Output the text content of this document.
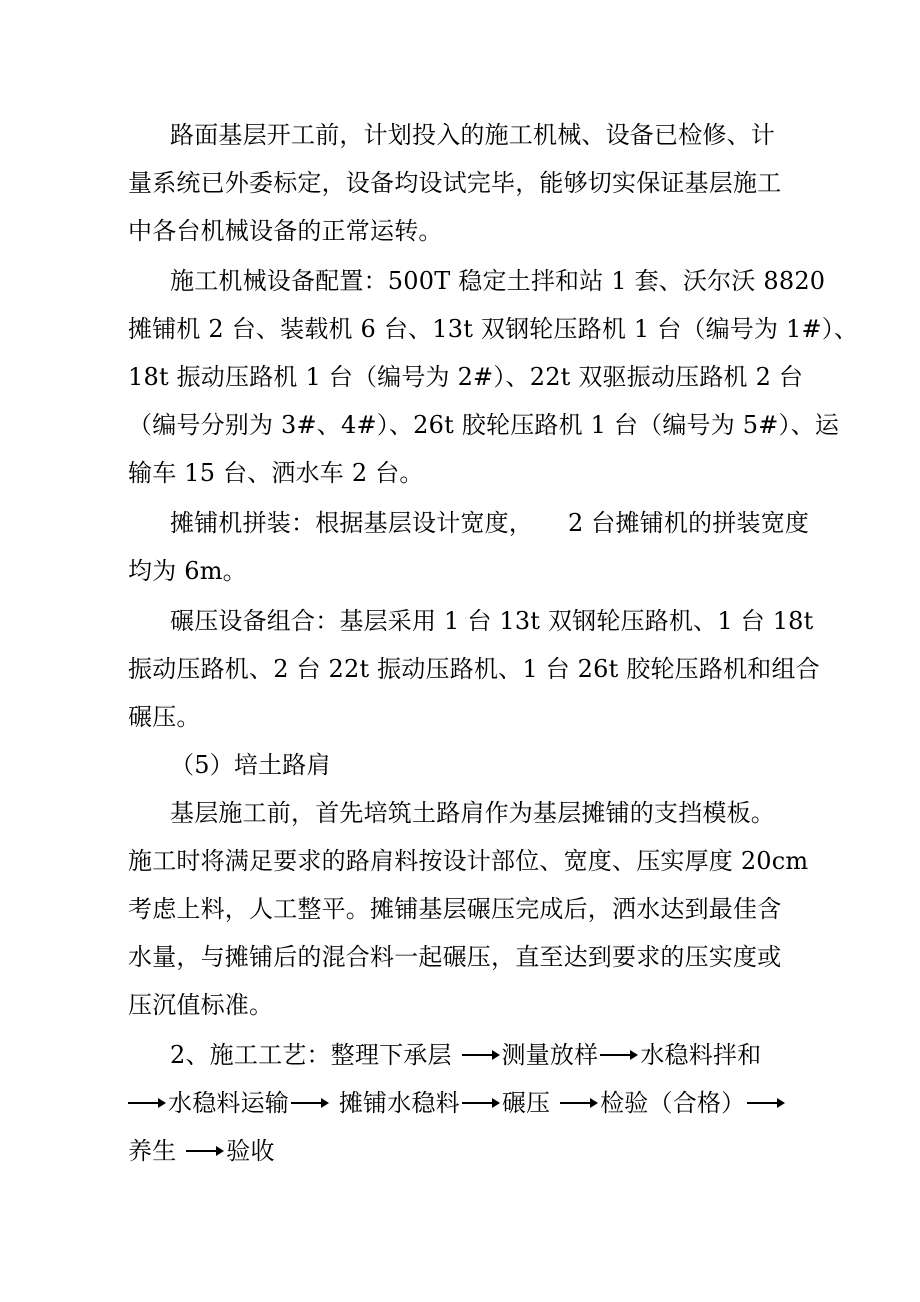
路面基层开工前，计划投入的施工机械、设备已检修、计
量系统已外委标定，设备均设试完毕，能够切实保证基层施工
中各台机械设备的正常运转。
施工机械设备配置：500T 稳定土拌和站 1 套、沃尔沃 8820
摊铺机 2 台、装载机 6 台、13t 双钢轮压路机 1 台（编号为 1#）、
18t 振动压路机 1 台（编号为 2#）、22t 双驱振动压路机 2 台
（编号分别为 3#、4#）、26t 胶轮压路机 1 台（编号为 5#）、运
输车 15 台、洒水车 2 台。
摊铺机拼装：根据基层设计宽度， 2 台摊铺机的拼装宽度
均为 6m。
碾压设备组合：基层采用 1 台 13t 双钢轮压路机、1 台 18t
振动压路机、2 台 22t 振动压路机、1 台 26t 胶轮压路机和组合
碾压。
（5）培土路肩
基层施工前，首先培筑土路肩作为基层摊铺的支挡模板。
施工时将满足要求的路肩料按设计部位、宽度、压实厚度 20cm
考虑上料，人工整平。摊铺基层碾压完成后，洒水达到最佳含
水量，与摊铺后的混合料一起碾压，直至达到要求的压实度或
压沉值标准。
2、施工工艺：整理下承层 测量放样 水稳料拌和
水稳料运输 摊铺水稳料 碾压 检验（合格）
养生 验收
